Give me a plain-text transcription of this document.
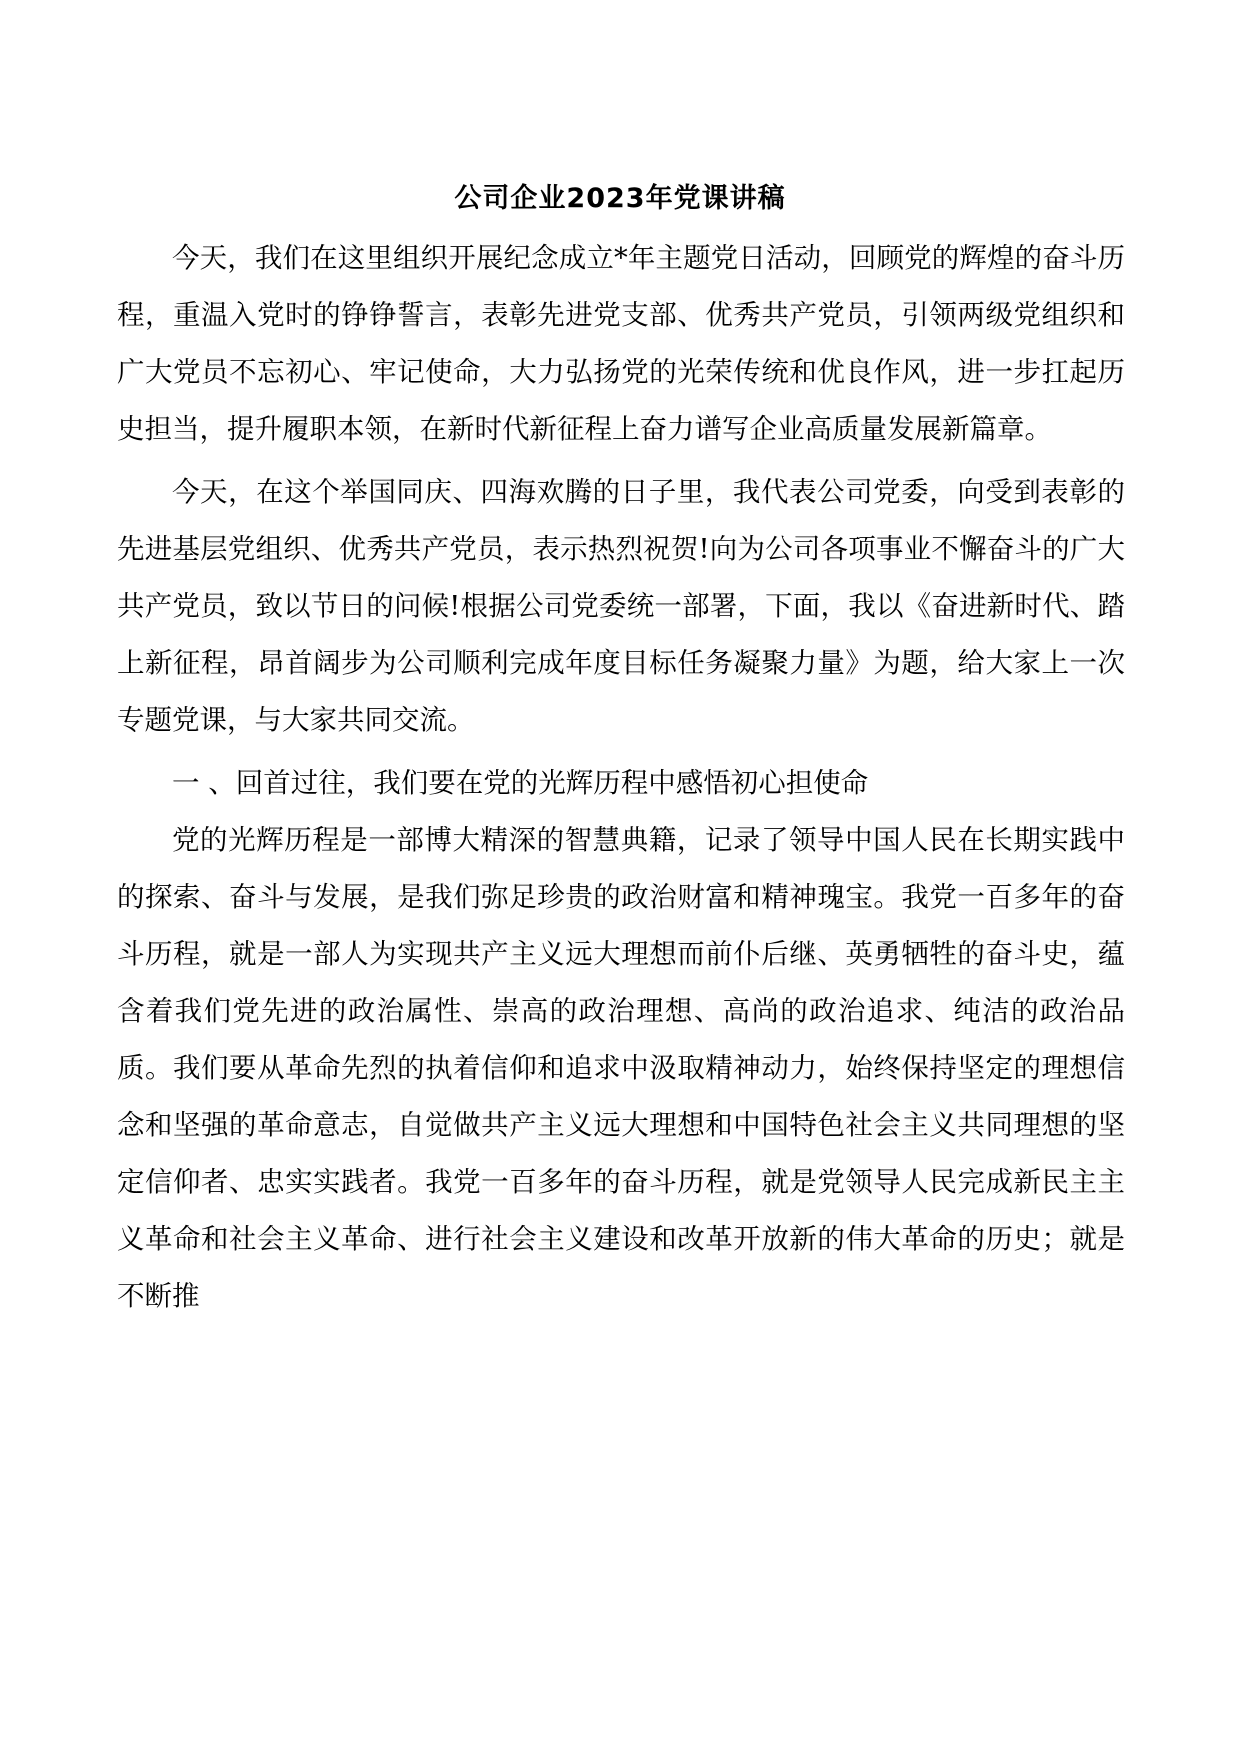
公司企业2023年党课讲稿

今天，我们在这里组织开展纪念成立*年主题党日活动，回顾党的辉煌的奋斗历程，重温入党时的铮铮誓言，表彰先进党支部、优秀共产党员，引领两级党组织和广大党员不忘初心、牢记使命，大力弘扬党的光荣传统和优良作风，进一步扛起历史担当，提升履职本领，在新时代新征程上奋力谱写企业高质量发展新篇章。

今天，在这个举国同庆、四海欢腾的日子里，我代表公司党委，向受到表彰的先进基层党组织、优秀共产党员，表示热烈祝贺!向为公司各项事业不懈奋斗的广大共产党员，致以节日的问候!根据公司党委统一部署，下面，我以《奋进新时代、踏上新征程，昂首阔步为公司顺利完成年度目标任务凝聚力量》为题，给大家上一次专题党课，与大家共同交流。

一 、回首过往，我们要在党的光辉历程中感悟初心担使命

党的光辉历程是一部博大精深的智慧典籍，记录了领导中国人民在长期实践中的探索、奋斗与发展，是我们弥足珍贵的政治财富和精神瑰宝。我党一百多年的奋斗历程，就是一部人为实现共产主义远大理想而前仆后继、英勇牺牲的奋斗史，蕴含着我们党先进的政治属性、崇高的政治理想、高尚的政治追求、纯洁的政治品质。我们要从革命先烈的执着信仰和追求中汲取精神动力，始终保持坚定的理想信念和坚强的革命意志，自觉做共产主义远大理想和中国特色社会主义共同理想的坚定信仰者、忠实实践者。我党一百多年的奋斗历程，就是党领导人民完成新民主主义革命和社会主义革命、进行社会主义建设和改革开放新的伟大革命的历史；就是不断推
